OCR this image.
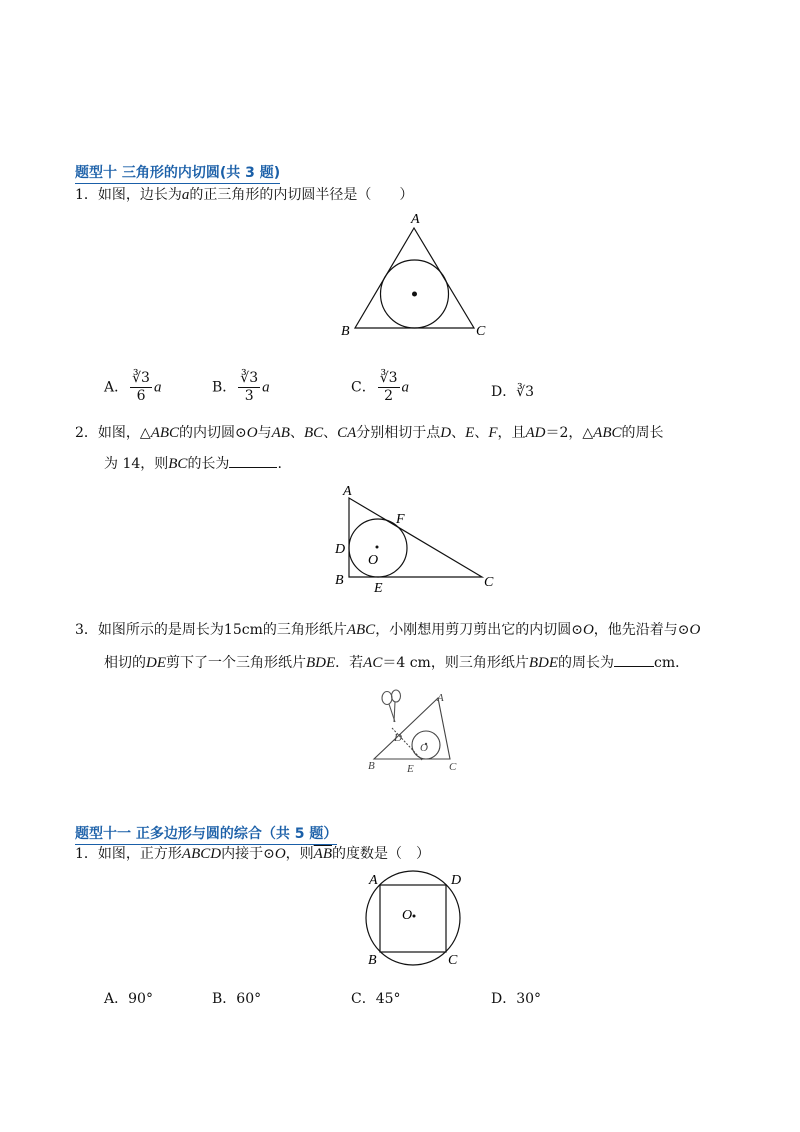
题型十 三角形的内切圆(共 3 题)
1．如图，边长为a的正三角形的内切圆半径是（　　）
A
B	C
A． $\frac{∛3}{6}$ a	B． $\frac{∛3}{3}$ a	C． $\frac{∛3}{2}$ a	D．∛3
2．如图，△ABC的内切圆⊙O与AB、BC、CA分别相切于点D、E、F，且AD＝2，△ABC的周长
为 14，则BC的长为	.
A
D
B
E
F
C
O
3．如图所示的是周长为15cm的三角形纸片ABC，小刚想用剪刀剪出它的内切圆⊙O，他先沿着与⊙O
相切的DE剪下了一个三角形纸片BDE．若AC＝4 cm，则三角形纸片BDE的周长为	cm．
A
D
B	E	C
O
题型十一 正多边形与圆的综合（共 5 题）
1．如图，正方形ABCD内接于⊙O，则$\overline{AB}$的度数是（　）
A	D
B	C
O
A．90°	B．60°	C．45°	D．30°
